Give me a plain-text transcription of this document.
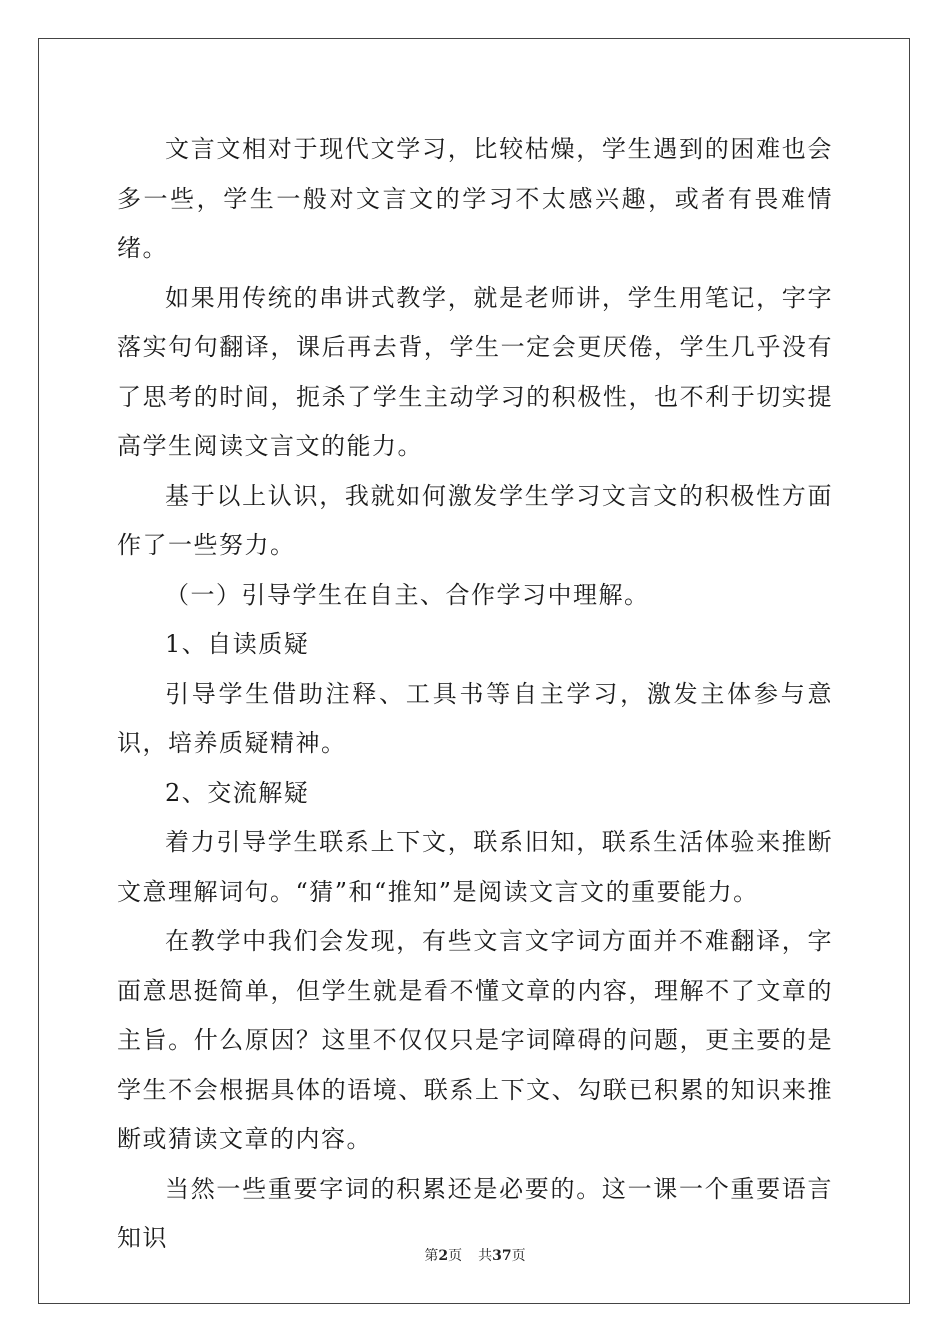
文言文相对于现代文学习，比较枯燥，学生遇到的困难也会多一些，学生一般对文言文的学习不太感兴趣，或者有畏难情绪。

如果用传统的串讲式教学，就是老师讲，学生用笔记，字字落实句句翻译，课后再去背，学生一定会更厌倦，学生几乎没有了思考的时间，扼杀了学生主动学习的积极性，也不利于切实提高学生阅读文言文的能力。

基于以上认识，我就如何激发学生学习文言文的积极性方面作了一些努力。

（一）引导学生在自主、合作学习中理解。

1、自读质疑

引导学生借助注释、工具书等自主学习，激发主体参与意识，培养质疑精神。

2、交流解疑

着力引导学生联系上下文，联系旧知，联系生活体验来推断文意理解词句。“猜”和“推知”是阅读文言文的重要能力。

在教学中我们会发现，有些文言文字词方面并不难翻译，字面意思挺简单，但学生就是看不懂文章的内容，理解不了文章的主旨。什么原因？这里不仅仅只是字词障碍的问题，更主要的是学生不会根据具体的语境、联系上下文、勾联已积累的知识来推断或猜读文章的内容。

当然一些重要字词的积累还是必要的。这一课一个重要语言知识

第2页 共37页
